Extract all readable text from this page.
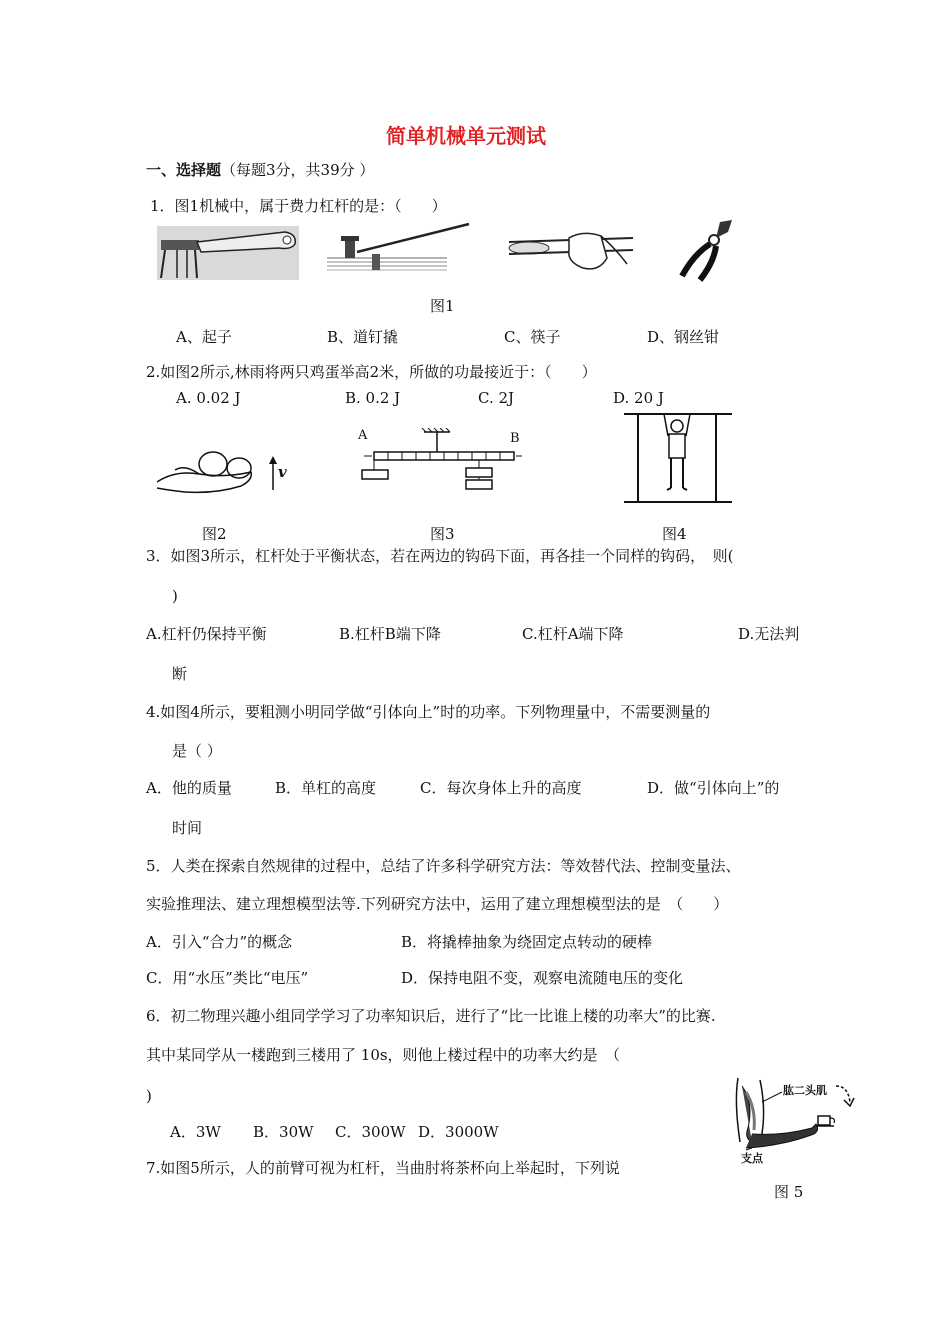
简单机械单元测试
一、选择题（每题3分，共39分 ）
1．图1机械中，属于费力杠杆的是：（　　）
图1
A、起子	B、道钉撬	C、筷子	D、钢丝钳
2.如图2所示,林雨将两只鸡蛋举高2米，所做的功最接近于：（　　）
A. 0.02 J	B. 0.2 J	C. 2J	D. 20 J
v
A	B
图2	图3	图4
3．如图3所示，杠杆处于平衡状态，若在两边的钩码下面，再各挂一个同样的钩码，　则(
)
A.杠杆仍保持平衡	B.杠杆B端下降	C.杠杆A端下降	D.无法判
断
4.如图4所示，要粗测小明同学做“引体向上”时的功率。下列物理量中，不需要测量的
是（ ）
A．他的质量	B．单杠的高度	C．每次身体上升的高度	D．做“引体向上”的
时间
5．人类在探索自然规律的过程中，总结了许多科学研究方法：等效替代法、控制变量法、
实验推理法、建立理想模型法等.下列研究方法中，运用了建立理想模型法的是　（　　）
A．引入“合力”的概念	B．将撬棒抽象为绕固定点转动的硬棒
C．用“水压”类比“电压”	D．保持电阻不变，观察电流随电压的变化
6．初二物理兴趣小组同学学习了功率知识后，进行了“比一比谁上楼的功率大”的比赛.
其中某同学从一楼跑到三楼用了 10s，则他上楼过程中的功率大约是　（
)
A．3W B．30W C．300W D．3000W
肱二头肌
支点
7.如图5所示，人的前臂可视为杠杆，当曲肘将茶杯向上举起时，下列说
图 5
